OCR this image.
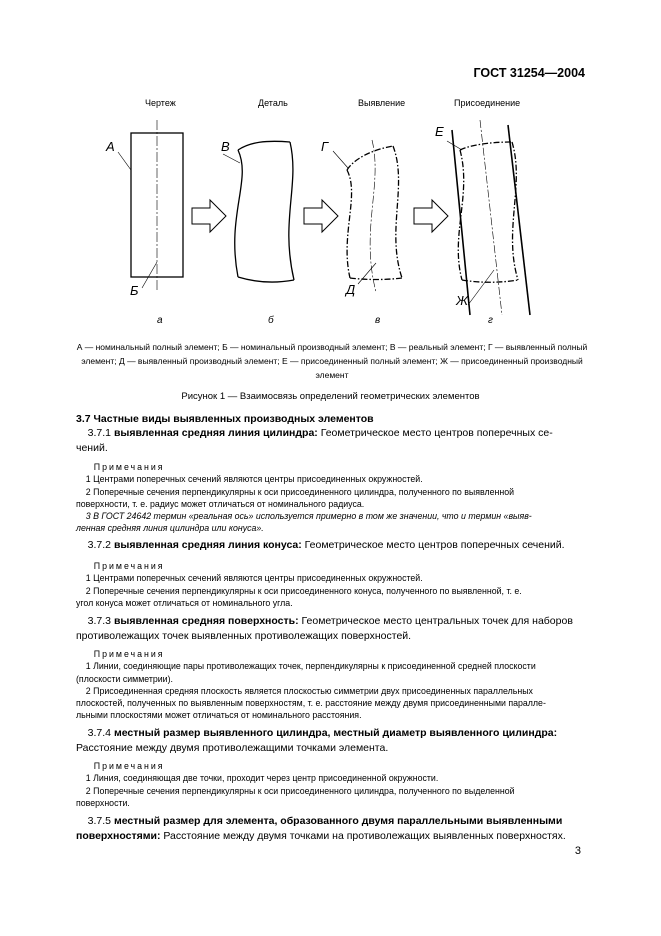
ГОСТ 31254—2004
Чертеж	Деталь	Выявление	Присоединение
А
Б
В	Г
Д
Е
Ж
а	б	в	г
А — номинальный полный элемент; Б — номинальный производный элемент; В — реальный элемент; Г — выявленный полный
элемент; Д — выявленный производный элемент; Е — присоединенный полный элемент; Ж — присоединенный производный
элемент
Рисунок 1 — Взаимосвязь определений геометрических элементов
3.7 Частные виды выявленных производных элементов

3.7.1 выявленная средняя линия цилиндра: Геометрическое место центров поперечных се-

чений.

Примечания

1 Центрами поперечных сечений являются центры присоединенных окружностей.

2 Поперечные сечения перпендикулярны к оси присоединенного цилиндра, полученного по выявленной

поверхности, т. е. радиус может отличаться от номинального радиуса.

3 В ГОСТ 24642 термин «реальная ось» используется примерно в том же значении, что и термин «выяв-

ленная средняя линия цилиндра или конуса».

3.7.2 выявленная средняя линия конуса: Геометрическое место центров поперечных сечений.

Примечания

1 Центрами поперечных сечений являются центры присоединенных окружностей.

2 Поперечные сечения перпендикулярны к оси присоединенного конуса, полученного по выявленной, т. е.

угол конуса может отличаться от номинального угла.

3.7.3 выявленная средняя поверхность: Геометрическое место центральных точек для наборов

противолежащих точек выявленных противолежащих поверхностей.

Примечания

1 Линии, соединяющие пары противолежащих точек, перпендикулярны к присоединенной средней плоскости

(плоскости симметрии).

2 Присоединенная средняя плоскость является плоскостью симметрии двух присоединенных параллельных

плоскостей, полученных по выявленным поверхностям, т. е. расстояние между двумя присоединенными паралле-

льными плоскостями может отличаться от номинального расстояния.

3.7.4 местный размер выявленного цилиндра, местный диаметр выявленного цилиндра:

Расстояние между двумя противолежащими точками элемента.

Примечания

1 Линия, соединяющая две точки, проходит через центр присоединенной окружности.

2 Поперечные сечения перпендикулярны к оси присоединенного цилиндра, полученного по выделенной

поверхности.

3.7.5 местный размер для элемента, образованного двумя параллельными выявленными

поверхностями: Расстояние между двумя точками на противолежащих выявленных поверхностях.

3
